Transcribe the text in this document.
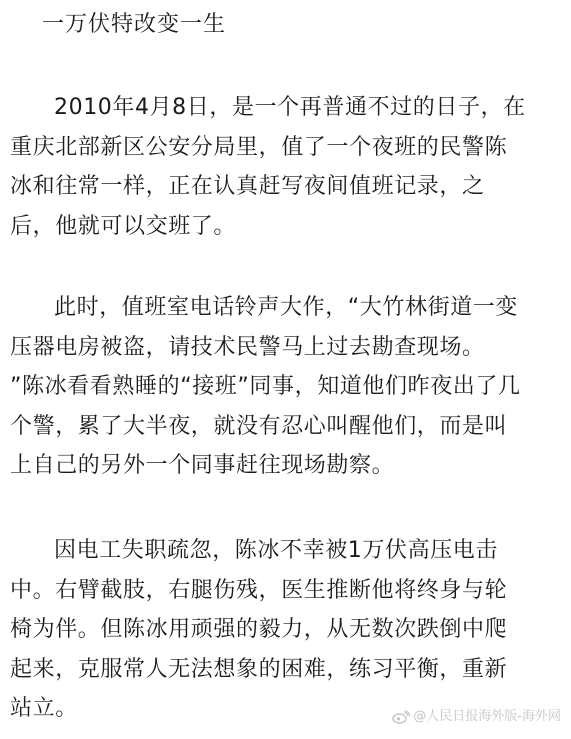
一万伏特改变一生
2010年4月8日，是一个再普通不过的日子，在
重庆北部新区公安分局里，值了一个夜班的民警陈
冰和往常一样，正在认真赶写夜间值班记录，之
后，他就可以交班了。
此时，值班室电话铃声大作，“大竹林街道一变
压器电房被盗，请技术民警马上过去勘查现场。
”陈冰看看熟睡的“接班”同事，知道他们昨夜出了几
个警，累了大半夜，就没有忍心叫醒他们，而是叫
上自己的另外一个同事赶往现场勘察。
因电工失职疏忽，陈冰不幸被1万伏高压电击
中。右臂截肢，右腿伤残，医生推断他将终身与轮
椅为伴。但陈冰用顽强的毅力，从无数次跌倒中爬
起来，克服常人无法想象的困难，练习平衡，重新
站立。	@人民日报海外版-海外网
